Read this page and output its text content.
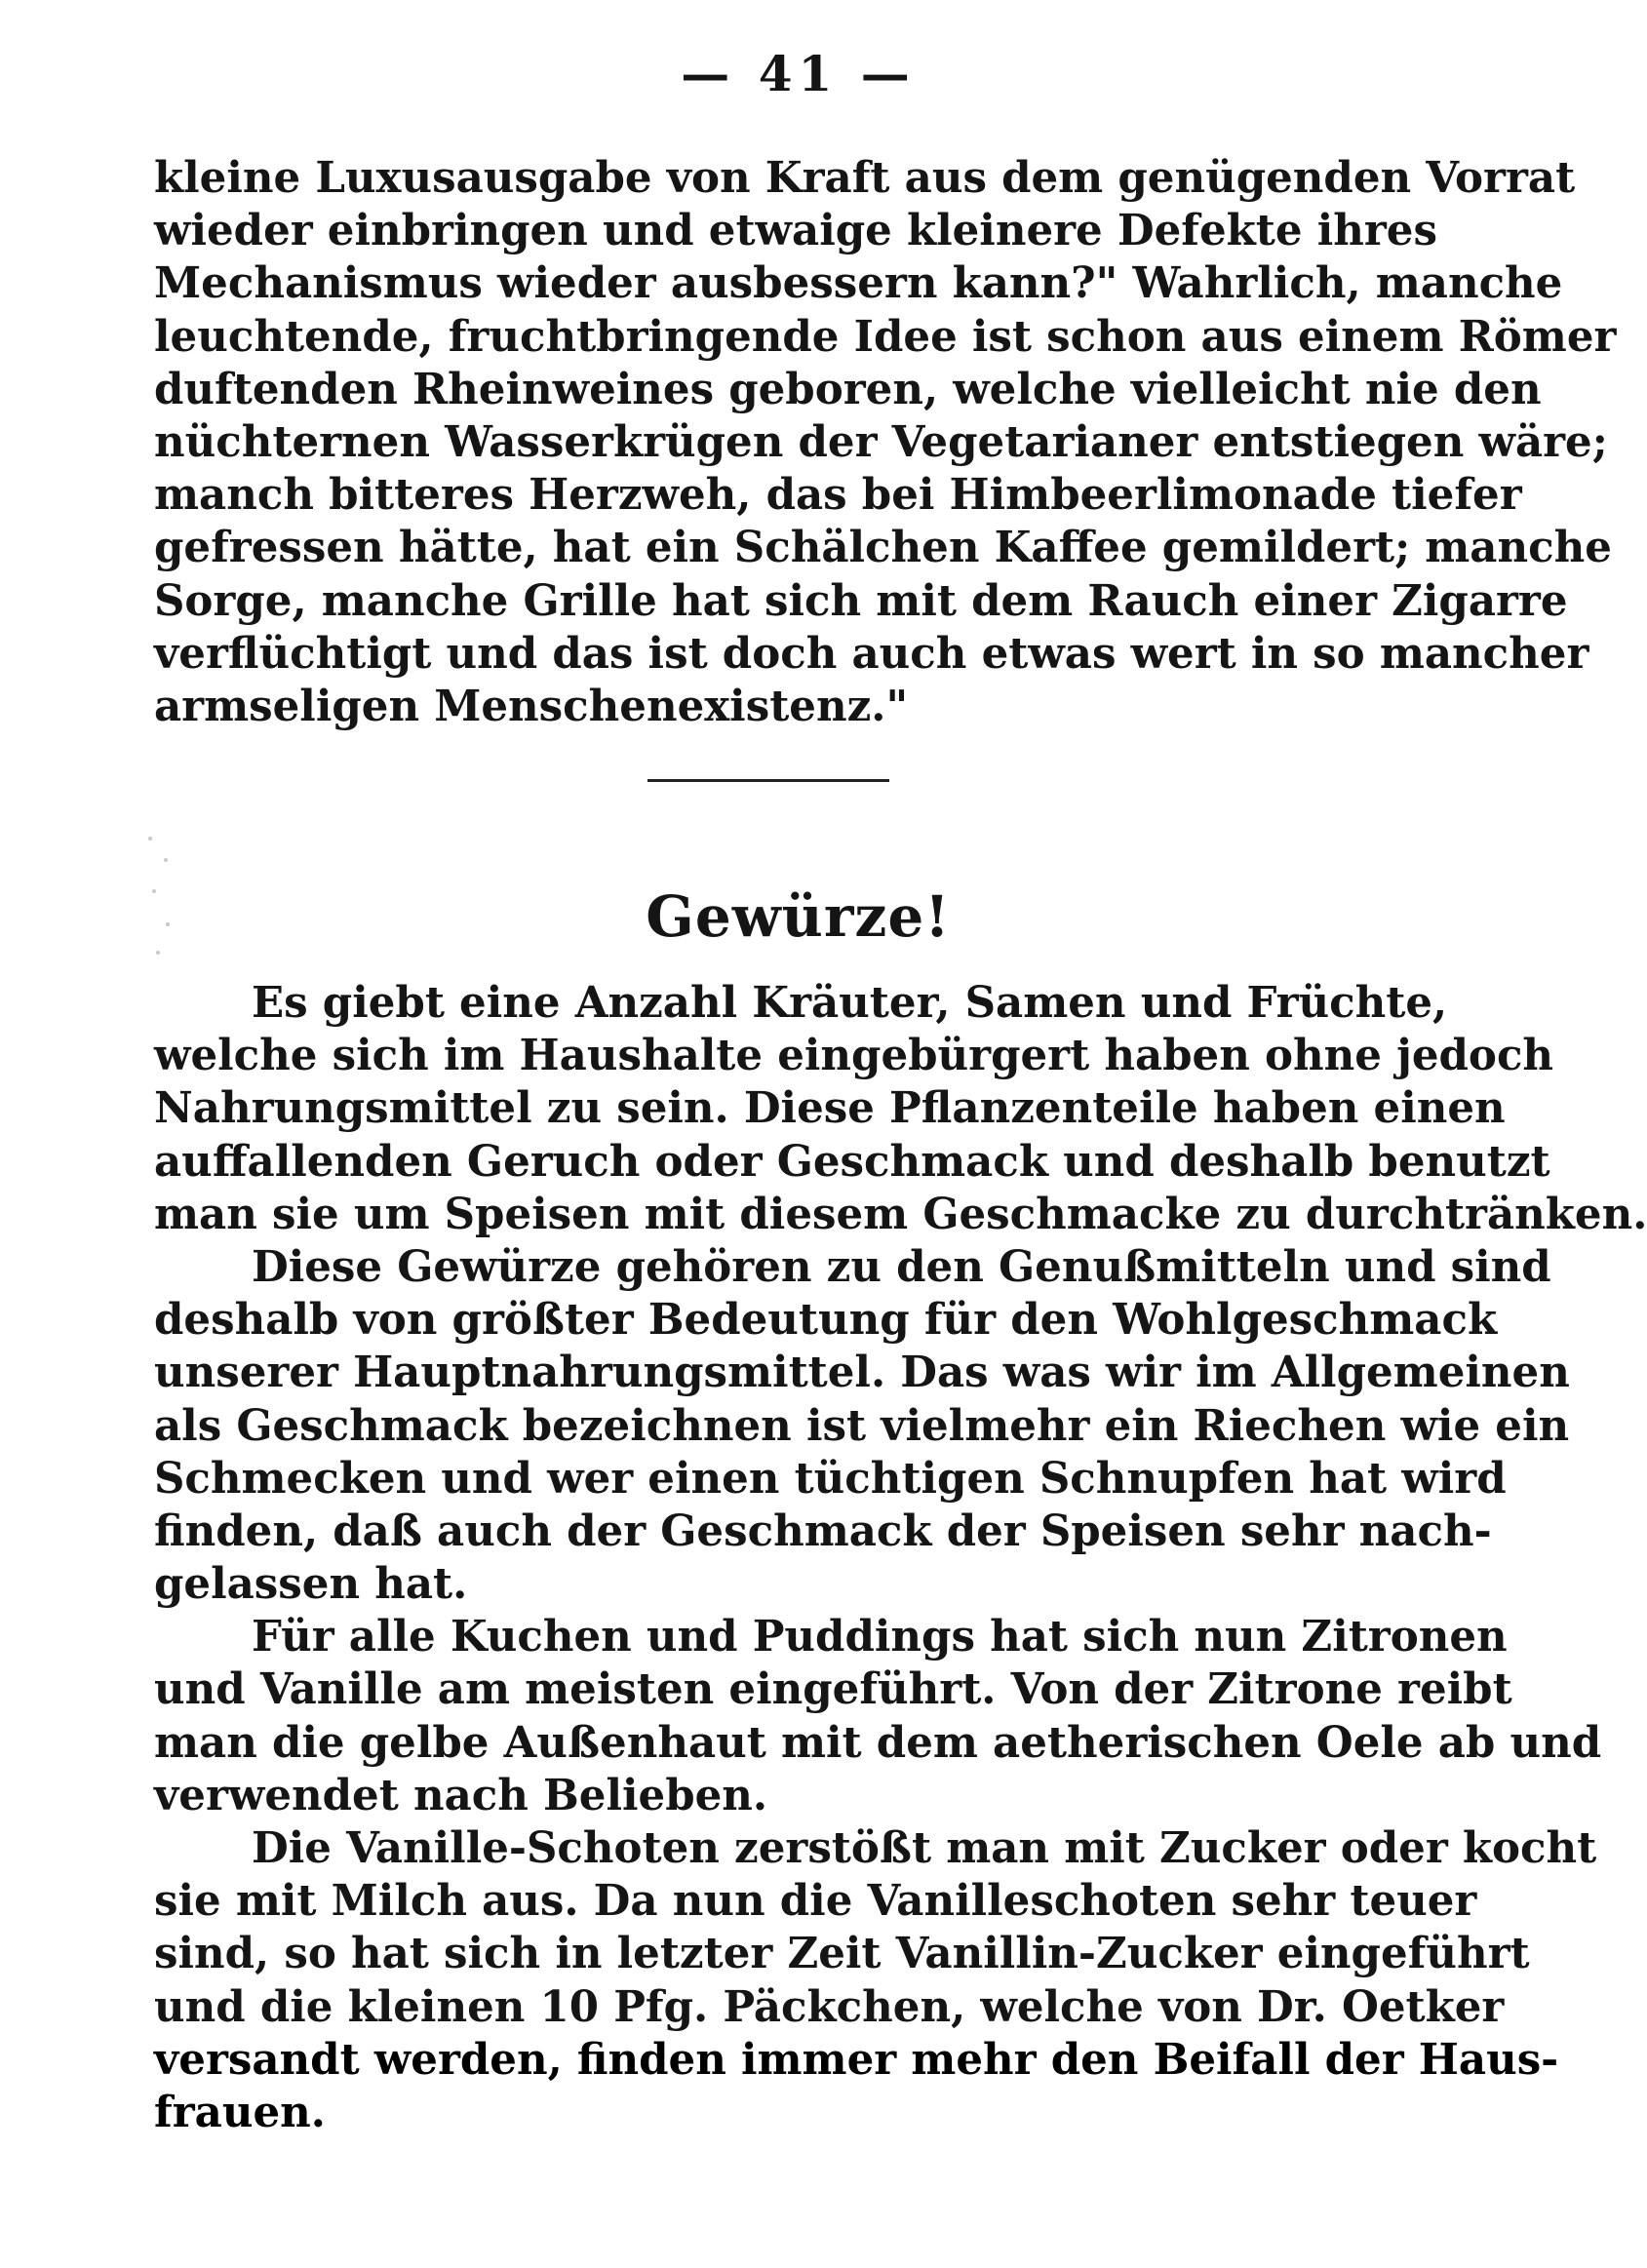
— 41 —
kleine Luxusausgabe von Kraft aus dem genügenden Vorrat
wieder einbringen und etwaige kleinere Defekte ihres
Mechanismus wieder ausbessern kann?" Wahrlich, manche
leuchtende, fruchtbringende Idee ist schon aus einem Römer
duftenden Rheinweines geboren, welche vielleicht nie den
nüchternen Wasserkrügen der Vegetarianer entstiegen wäre;
manch bitteres Herzweh, das bei Himbeerlimonade tiefer
gefressen hätte, hat ein Schälchen Kaffee gemildert; manche
Sorge, manche Grille hat sich mit dem Rauch einer Zigarre
verflüchtigt und das ist doch auch etwas wert in so mancher
armseligen Menschenexistenz."
Gewürze!
Es giebt eine Anzahl Kräuter, Samen und Früchte,
welche sich im Haushalte eingebürgert haben ohne jedoch
Nahrungsmittel zu sein. Diese Pflanzenteile haben einen
auffallenden Geruch oder Geschmack und deshalb benutzt
man sie um Speisen mit diesem Geschmacke zu durchtränken.
Diese Gewürze gehören zu den Genußmitteln und sind
deshalb von größter Bedeutung für den Wohlgeschmack
unserer Hauptnahrungsmittel. Das was wir im Allgemeinen
als Geschmack bezeichnen ist vielmehr ein Riechen wie ein
Schmecken und wer einen tüchtigen Schnupfen hat wird
finden, daß auch der Geschmack der Speisen sehr nach-
gelassen hat.
Für alle Kuchen und Puddings hat sich nun Zitronen
und Vanille am meisten eingeführt. Von der Zitrone reibt
man die gelbe Außenhaut mit dem aetherischen Oele ab und
verwendet nach Belieben.
Die Vanille-Schoten zerstößt man mit Zucker oder kocht
sie mit Milch aus. Da nun die Vanilleschoten sehr teuer
sind, so hat sich in letzter Zeit Vanillin-Zucker eingeführt
und die kleinen 10 Pfg. Päckchen, welche von Dr. Oetker
versandt werden, finden immer mehr den Beifall der Haus-
frauen.
